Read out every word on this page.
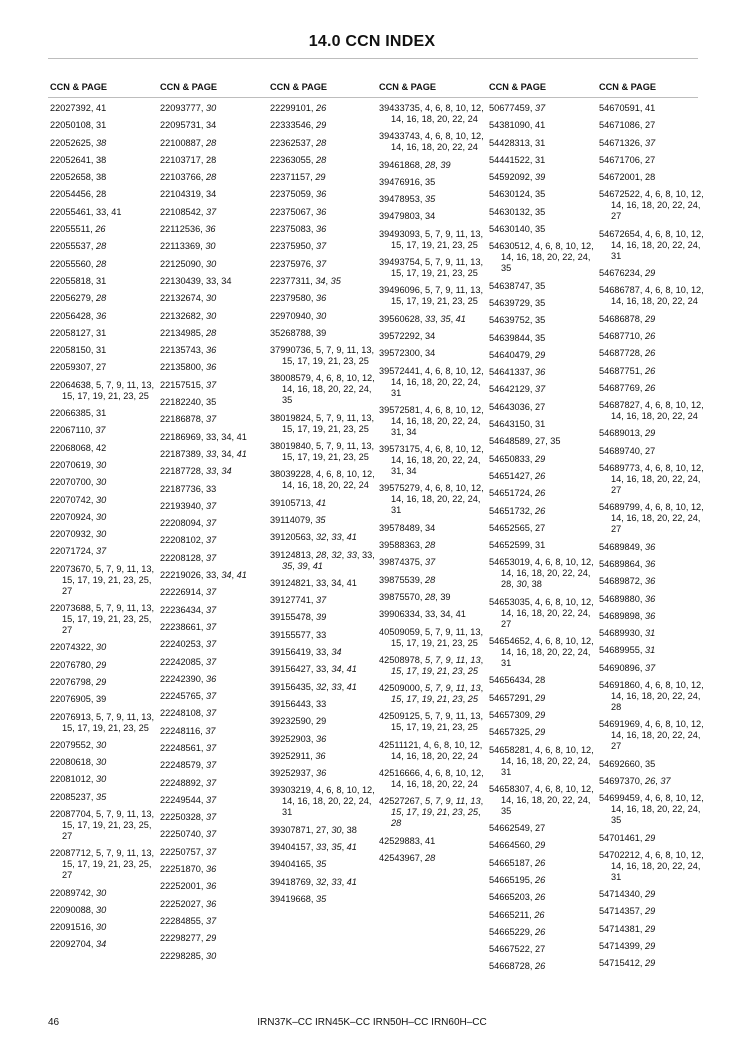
14.0 CCN INDEX
CCN & PAGE	CCN & PAGE	CCN & PAGE	CCN & PAGE	CCN & PAGE	CCN & PAGE
22027392, 41
22050108, 31
22052625, 38
22052641, 38
22052658, 38
22054456, 28
22055461, 33, 41
22055511, 26
22055537, 28
22055560, 28
22055818, 31
22056279, 28
22056428, 36
22058127, 31
22058150, 31
22059307, 27
22064638, 5, 7, 9, 11, 13, 15, 17, 19, 21, 23, 25
22066385, 31
22067110, 37
22068068, 42
22070619, 30
22070700, 30
22070742, 30
22070924, 30
22070932, 30
22071724, 37
22073670, 5, 7, 9, 11, 13, 15, 17, 19, 21, 23, 25, 27
22073688, 5, 7, 9, 11, 13, 15, 17, 19, 21, 23, 25, 27
22074322, 30
22076780, 29
22076798, 29
22076905, 39
22076913, 5, 7, 9, 11, 13, 15, 17, 19, 21, 23, 25
22079552, 30
22080618, 30
22081012, 30
22085237, 35
22087704, 5, 7, 9, 11, 13, 15, 17, 19, 21, 23, 25, 27
22087712, 5, 7, 9, 11, 13, 15, 17, 19, 21, 23, 25, 27
22089742, 30
22090088, 30
22091516, 30
22092704, 34
22093777, 30
22095731, 34
22100887, 28
22103717, 28
22103766, 28
22104319, 34
22108542, 37
22112536, 36
22113369, 30
22125090, 30
22130439, 33, 34
22132674, 30
22132682, 30
22134985, 28
22135743, 36
22135800, 36
22157515, 37
22182240, 35
22186878, 37
22186969, 33, 34, 41
22187389, 33, 34, 41
22187728, 33, 34
22187736, 33
22193940, 37
22208094, 37
22208102, 37
22208128, 37
22219026, 33, 34, 41
22226914, 37
22236434, 37
22238661, 37
22240253, 37
22242085, 37
22242390, 36
22245765, 37
22248108, 37
22248116, 37
22248561, 37
22248579, 37
22248892, 37
22249544, 37
22250328, 37
22250740, 37
22250757, 37
22251870, 36
22252001, 36
22252027, 36
22284855, 37
22298277, 29
22298285, 30
22299101, 26
22333546, 29
22362537, 28
22363055, 28
22371157, 29
22375059, 36
22375067, 36
22375083, 36
22375950, 37
22375976, 37
22377311, 34, 35
22379580, 36
22970940, 30
35268788, 39
37990736, 5, 7, 9, 11, 13, 15, 17, 19, 21, 23, 25
38008579, 4, 6, 8, 10, 12, 14, 16, 18, 20, 22, 24, 35
38019824, 5, 7, 9, 11, 13, 15, 17, 19, 21, 23, 25
38019840, 5, 7, 9, 11, 13, 15, 17, 19, 21, 23, 25
38039228, 4, 6, 8, 10, 12, 14, 16, 18, 20, 22, 24
39105713, 41
39114079, 35
39120563, 32, 33, 41
39124813, 28, 32, 33, 33, 35, 39, 41
39124821, 33, 34, 41
39127741, 37
39155478, 39
39155577, 33
39156419, 33, 34
39156427, 33, 34, 41
39156435, 32, 33, 41
39156443, 33
39232590, 29
39252903, 36
39252911, 36
39252937, 36
39303219, 4, 6, 8, 10, 12, 14, 16, 18, 20, 22, 24, 31
39307871, 27, 30, 38
39404157, 33, 35, 41
39404165, 35
39418769, 32, 33, 41
39419668, 35
39433735, 4, 6, 8, 10, 12, 14, 16, 18, 20, 22, 24
39433743, 4, 6, 8, 10, 12, 14, 16, 18, 20, 22, 24
39461868, 28, 39
39476916, 35
39478953, 35
39479803, 34
39493093, 5, 7, 9, 11, 13, 15, 17, 19, 21, 23, 25
39493754, 5, 7, 9, 11, 13, 15, 17, 19, 21, 23, 25
39496096, 5, 7, 9, 11, 13, 15, 17, 19, 21, 23, 25
39560628, 33, 35, 41
39572292, 34
39572300, 34
39572441, 4, 6, 8, 10, 12, 14, 16, 18, 20, 22, 24, 31
39572581, 4, 6, 8, 10, 12, 14, 16, 18, 20, 22, 24, 31, 34
39573175, 4, 6, 8, 10, 12, 14, 16, 18, 20, 22, 24, 31, 34
39575279, 4, 6, 8, 10, 12, 14, 16, 18, 20, 22, 24, 31
39578489, 34
39588363, 28
39874375, 37
39875539, 28
39875570, 28, 39
39906334, 33, 34, 41
40509059, 5, 7, 9, 11, 13, 15, 17, 19, 21, 23, 25
42508978, 5, 7, 9, 11, 13, 15, 17, 19, 21, 23, 25
42509000, 5, 7, 9, 11, 13, 15, 17, 19, 21, 23, 25
42509125, 5, 7, 9, 11, 13, 15, 17, 19, 21, 23, 25
42511121, 4, 6, 8, 10, 12, 14, 16, 18, 20, 22, 24
42516666, 4, 6, 8, 10, 12, 14, 16, 18, 20, 22, 24
42527267, 5, 7, 9, 11, 13, 15, 17, 19, 21, 23, 25, 28
42529883, 41
42543967, 28
50677459, 37
54381090, 41
54428313, 31
54441522, 31
54592092, 39
54630124, 35
54630132, 35
54630140, 35
54630512, 4, 6, 8, 10, 12, 14, 16, 18, 20, 22, 24, 35
54638747, 35
54639729, 35
54639752, 35
54639844, 35
54640479, 29
54641337, 36
54642129, 37
54643036, 27
54643150, 31
54648589, 27, 35
54650833, 29
54651427, 26
54651724, 26
54651732, 26
54652565, 27
54652599, 31
54653019, 4, 6, 8, 10, 12, 14, 16, 18, 20, 22, 24, 28, 30, 38
54653035, 4, 6, 8, 10, 12, 14, 16, 18, 20, 22, 24, 27
54654652, 4, 6, 8, 10, 12, 14, 16, 18, 20, 22, 24, 31
54656434, 28
54657291, 29
54657309, 29
54657325, 29
54658281, 4, 6, 8, 10, 12, 14, 16, 18, 20, 22, 24, 31
54658307, 4, 6, 8, 10, 12, 14, 16, 18, 20, 22, 24, 35
54662549, 27
54664560, 29
54665187, 26
54665195, 26
54665203, 26
54665211, 26
54665229, 26
54667522, 27
54668728, 26
54670591, 41
54671086, 27
54671326, 37
54671706, 27
54672001, 28
54672522, 4, 6, 8, 10, 12, 14, 16, 18, 20, 22, 24, 27
54672654, 4, 6, 8, 10, 12, 14, 16, 18, 20, 22, 24, 31
54676234, 29
54686787, 4, 6, 8, 10, 12, 14, 16, 18, 20, 22, 24
54686878, 29
54687710, 26
54687728, 26
54687751, 26
54687769, 26
54687827, 4, 6, 8, 10, 12, 14, 16, 18, 20, 22, 24
54689013, 29
54689740, 27
54689773, 4, 6, 8, 10, 12, 14, 16, 18, 20, 22, 24, 27
54689799, 4, 6, 8, 10, 12, 14, 16, 18, 20, 22, 24, 27
54689849, 36
54689864, 36
54689872, 36
54689880, 36
54689898, 36
54689930, 31
54689955, 31
54690896, 37
54691860, 4, 6, 8, 10, 12, 14, 16, 18, 20, 22, 24, 28
54691969, 4, 6, 8, 10, 12, 14, 16, 18, 20, 22, 24, 27
54692660, 35
54697370, 26, 37
54699459, 4, 6, 8, 10, 12, 14, 16, 18, 20, 22, 24, 35
54701461, 29
54702212, 4, 6, 8, 10, 12, 14, 16, 18, 20, 22, 24, 31
54714340, 29
54714357, 29
54714381, 29
54714399, 29
54715412, 29
46	IRN37K–CC IRN45K–CC IRN50H–CC IRN60H–CC
